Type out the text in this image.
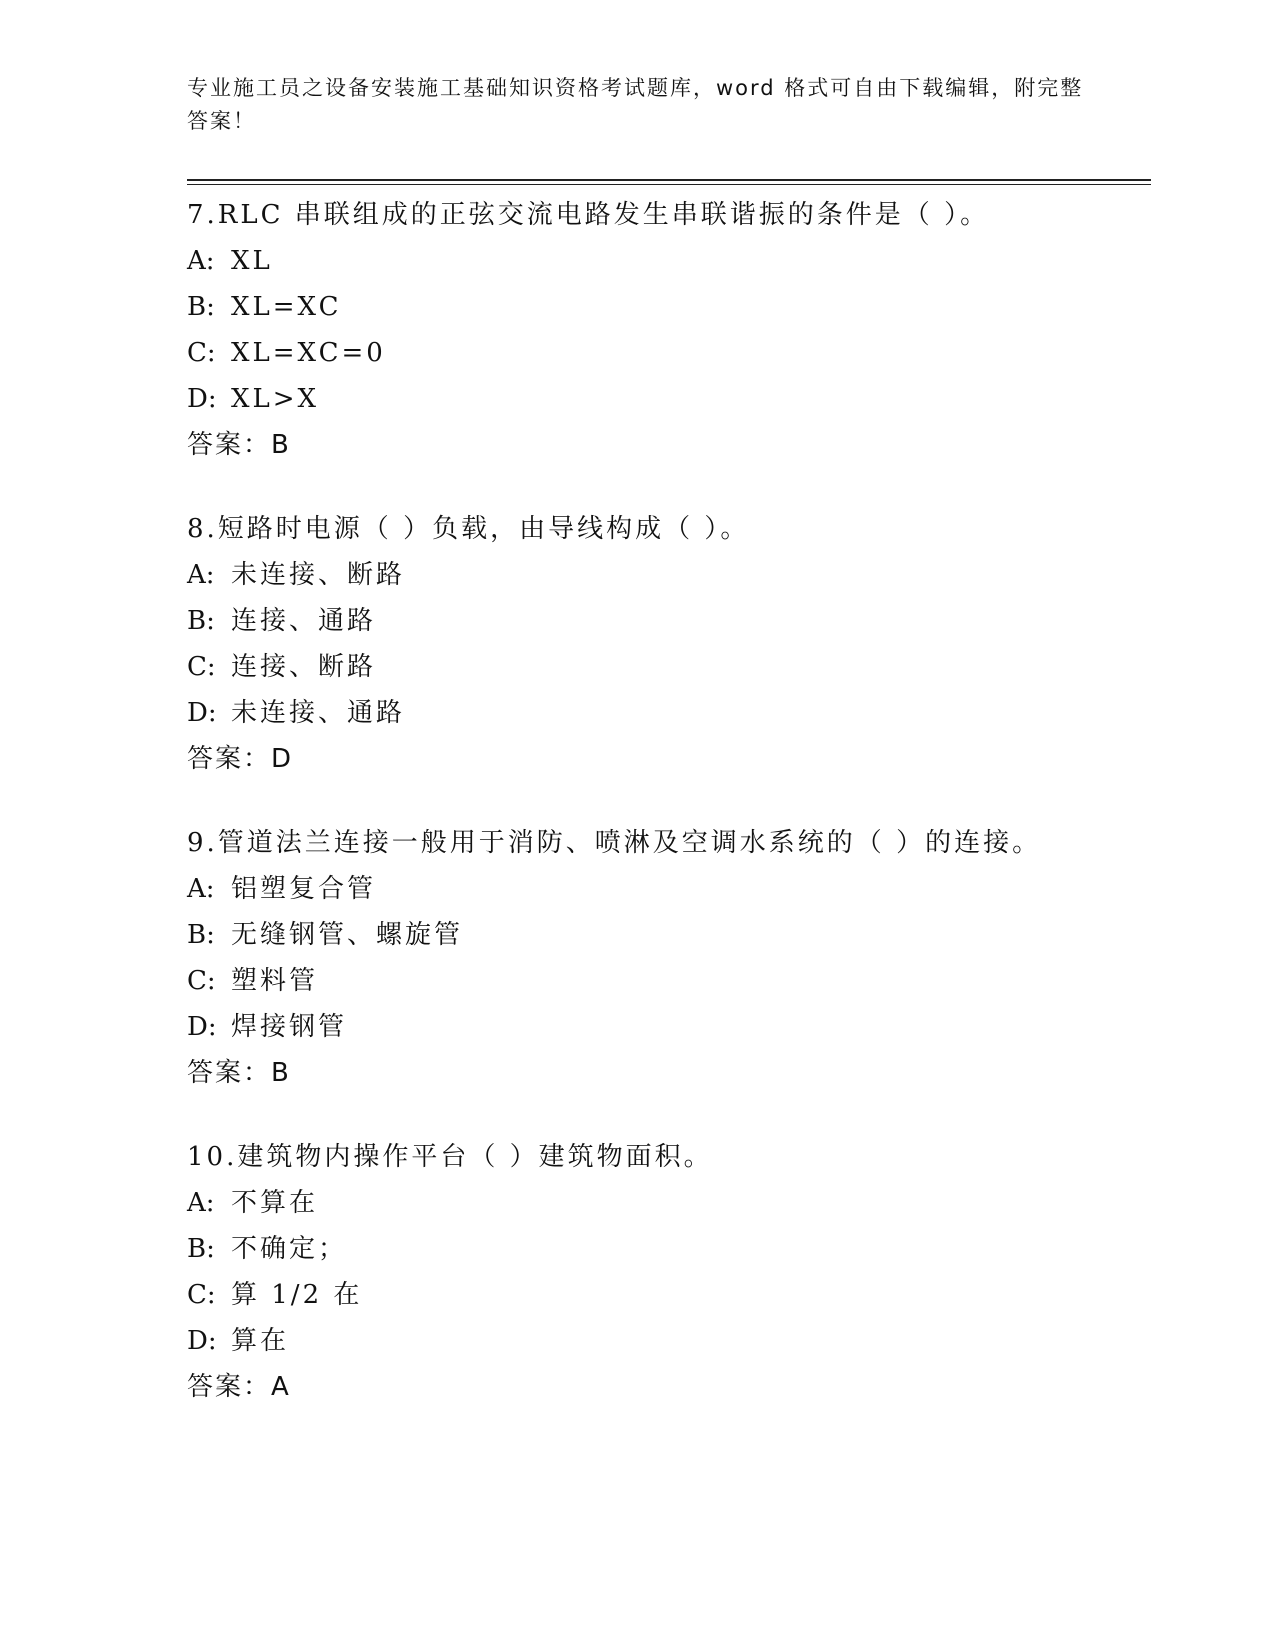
专业施工员之设备安装施工基础知识资格考试题库，word 格式可自由下载编辑，附完整答案！
7.RLC 串联组成的正弦交流电路发生串联谐振的条件是（ ）。
A: XL
B: XL=XC
C: XL=XC=0
D: XL>X
答案：B
8.短路时电源（ ）负载，由导线构成（ ）。
A: 未连接、断路
B: 连接、通路
C: 连接、断路
D: 未连接、通路
答案：D
9.管道法兰连接一般用于消防、喷淋及空调水系统的（ ）的连接。
A: 铝塑复合管
B: 无缝钢管、螺旋管
C: 塑料管
D: 焊接钢管
答案：B
10.建筑物内操作平台（ ）建筑物面积。
A: 不算在
B: 不确定；
C: 算 1/2 在
D: 算在
答案：A
